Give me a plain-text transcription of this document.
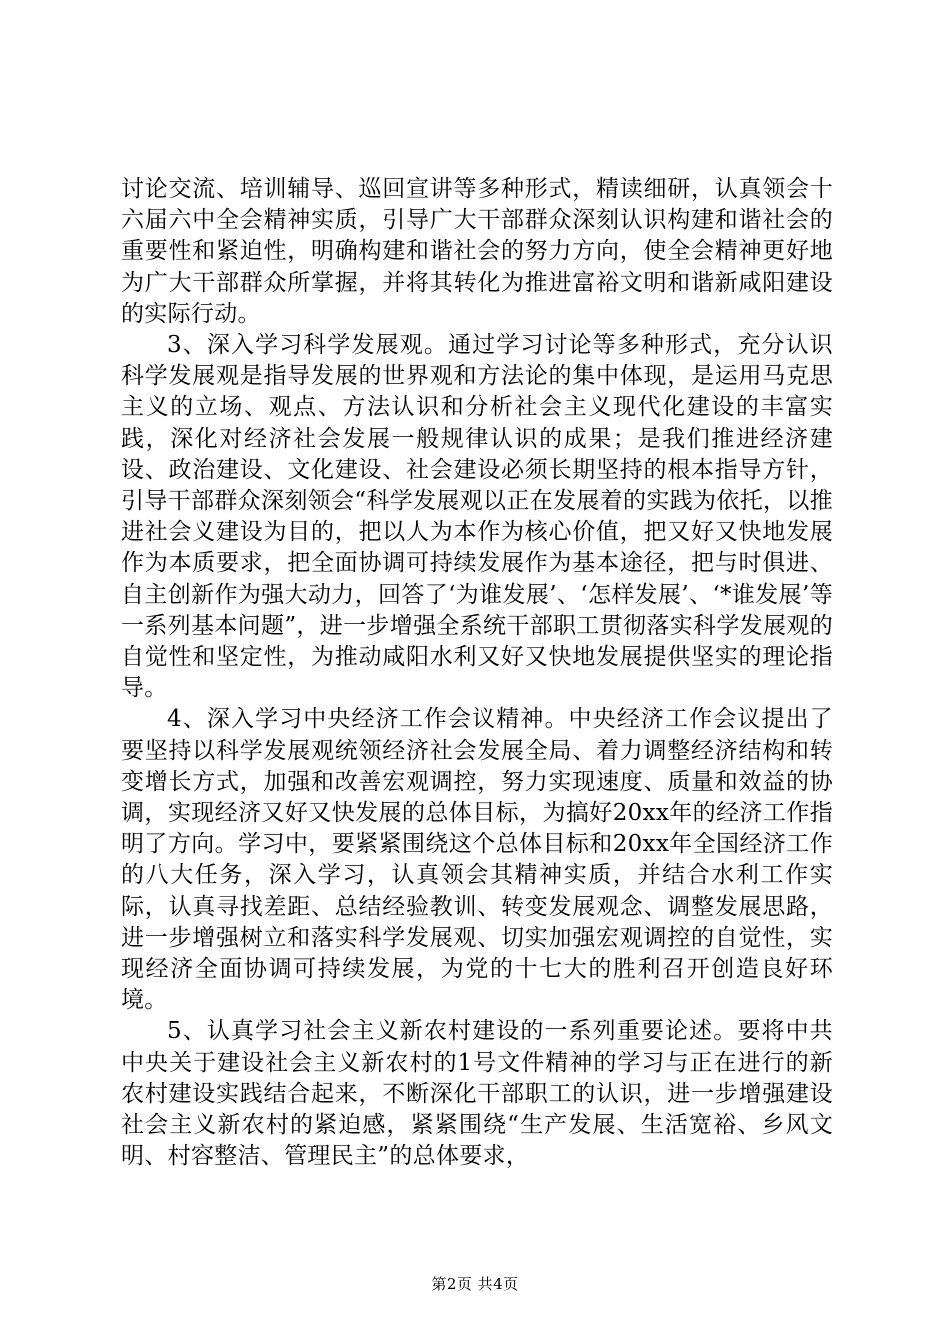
讨论交流、培训辅导、巡回宣讲等多种形式，精读细研，认真领会十六届六中全会精神实质，引导广大干部群众深刻认识构建和谐社会的重要性和紧迫性，明确构建和谐社会的努力方向，使全会精神更好地为广大干部群众所掌握，并将其转化为推进富裕文明和谐新咸阳建设的实际行动。

3、深入学习科学发展观。通过学习讨论等多种形式，充分认识科学发展观是指导发展的世界观和方法论的集中体现，是运用马克思主义的立场、观点、方法认识和分析社会主义现代化建设的丰富实践，深化对经济社会发展一般规律认识的成果；是我们推进经济建设、政治建设、文化建设、社会建设必须长期坚持的根本指导方针，引导干部群众深刻领会“科学发展观以正在发展着的实践为依托，以推进社会义建设为目的，把以人为本作为核心价值，把又好又快地发展作为本质要求，把全面协调可持续发展作为基本途径，把与时俱进、自主创新作为强大动力，回答了‘为谁发展’、‘怎样发展’、‘*谁发展’等一系列基本问题”，进一步增强全系统干部职工贯彻落实科学发展观的自觉性和坚定性，为推动咸阳水利又好又快地发展提供坚实的理论指导。

4、深入学习中央经济工作会议精神。中央经济工作会议提出了要坚持以科学发展观统领经济社会发展全局、着力调整经济结构和转变增长方式，加强和改善宏观调控，努力实现速度、质量和效益的协调，实现经济又好又快发展的总体目标，为搞好20xx年的经济工作指明了方向。学习中，要紧紧围绕这个总体目标和20xx年全国经济工作的八大任务，深入学习，认真领会其精神实质，并结合水利工作实际，认真寻找差距、总结经验教训、转变发展观念、调整发展思路，进一步增强树立和落实科学发展观、切实加强宏观调控的自觉性，实现经济全面协调可持续发展，为党的十七大的胜利召开创造良好环境。

5、认真学习社会主义新农村建设的一系列重要论述。要将中共中央关于建设社会主义新农村的1号文件精神的学习与正在进行的新农村建设实践结合起来，不断深化干部职工的认识，进一步增强建设社会主义新农村的紧迫感，紧紧围绕“生产发展、生活宽裕、乡风文明、村容整洁、管理民主”的总体要求，

第2页 共4页
